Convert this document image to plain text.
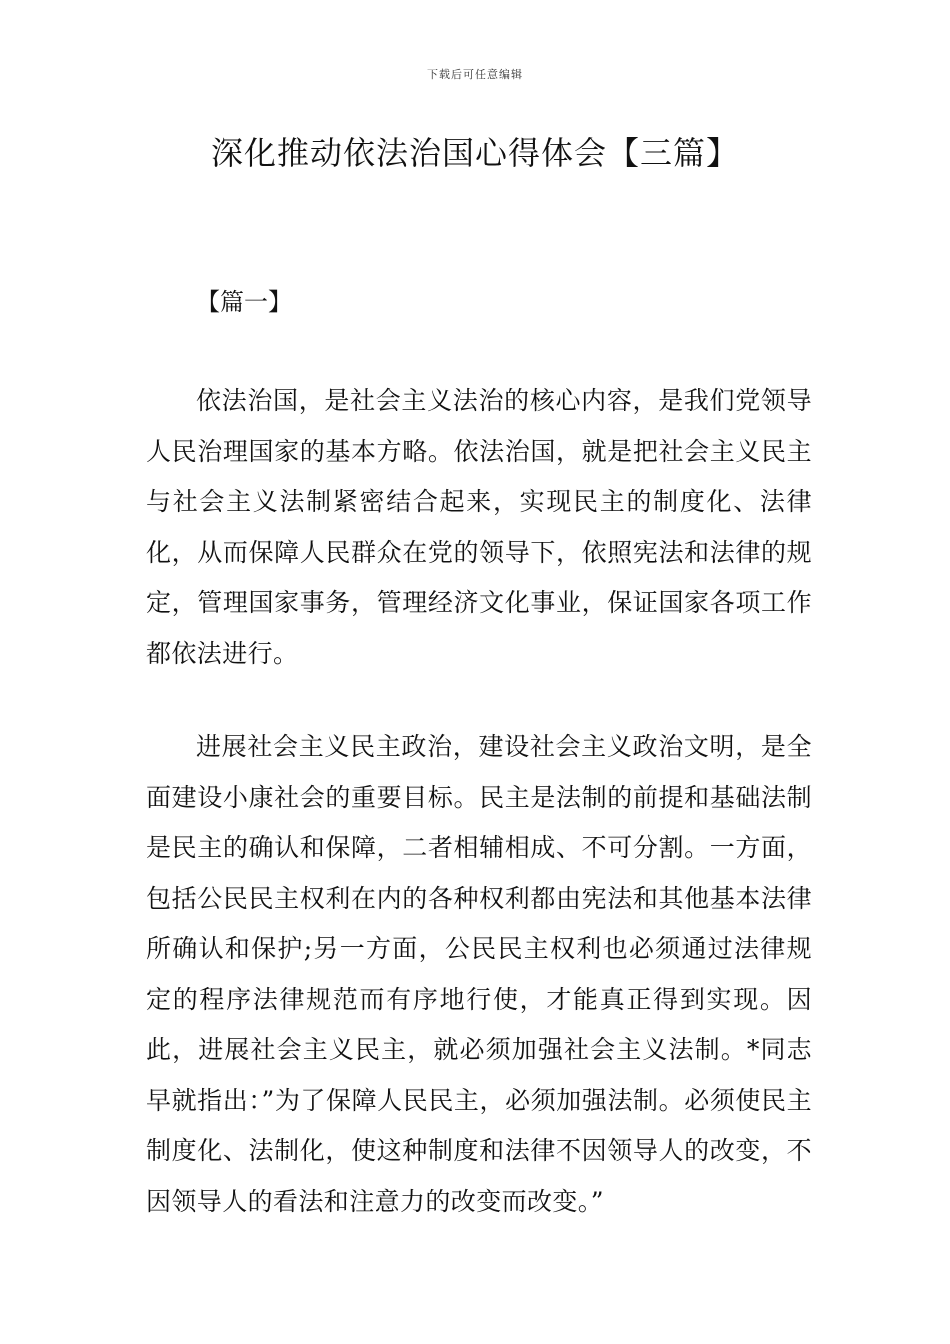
下载后可任意编辑
深化推动依法治国心得体会【三篇】
【篇一】

依法治国，是社会主义法治的核心内容，是我们党领导人民治理国家的基本方略。依法治国，就是把社会主义民主与社会主义法制紧密结合起来，实现民主的制度化、法律化，从而保障人民群众在党的领导下，依照宪法和法律的规定，管理国家事务，管理经济文化事业，保证国家各项工作都依法进行。

进展社会主义民主政治，建设社会主义政治文明，是全面建设小康社会的重要目标。民主是法制的前提和基础法制是民主的确认和保障，二者相辅相成、不可分割。一方面，包括公民民主权利在内的各种权利都由宪法和其他基本法律所确认和保护;另一方面，公民民主权利也必须通过法律规定的程序法律规范而有序地行使，才能真正得到实现。因此，进展社会主义民主，就必须加强社会主义法制。*同志早就指出：”为了保障人民民主，必须加强法制。必须使民主制度化、法制化，使这种制度和法律不因领导人的改变，不因领导人的看法和注意力的改变而改变。”
